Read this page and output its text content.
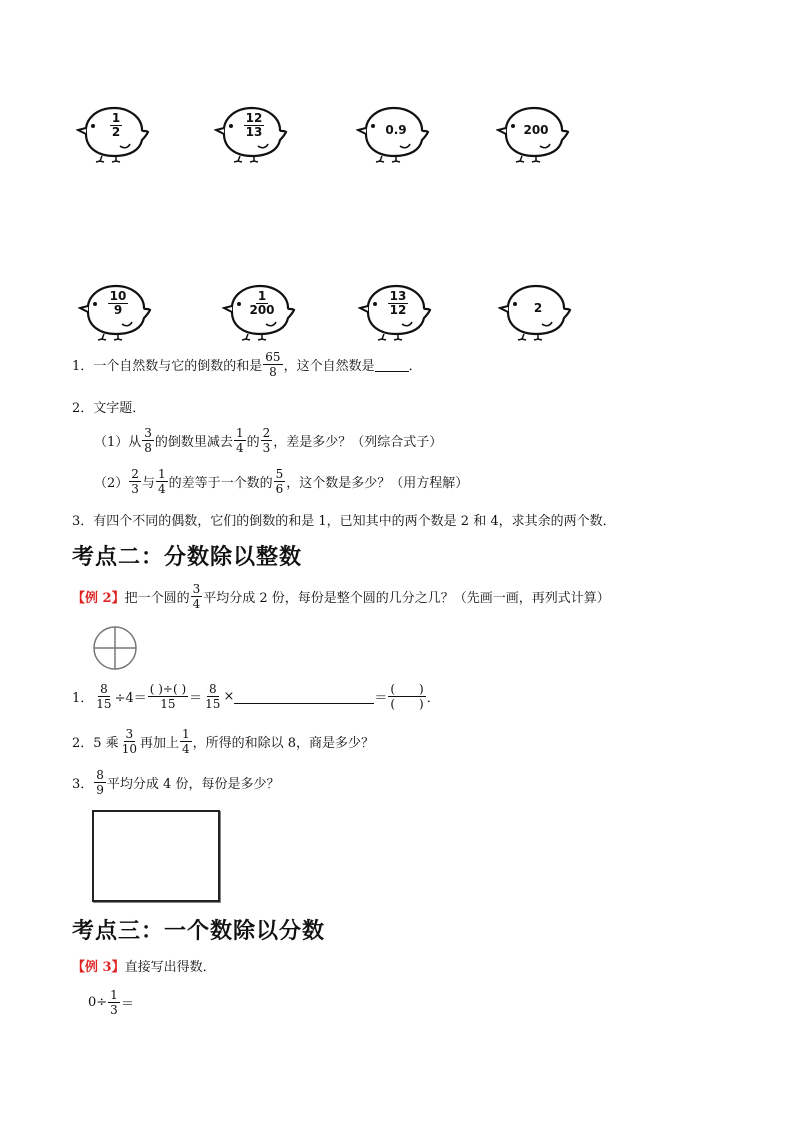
$\frac{1}{2}$	$\frac{12}{13}$	0.9	200
$\frac{10}{9}$	$\frac{1}{200}$	$\frac{13}{12}$	2
1．一个自然数与它的倒数的和是 $\frac{65}{8}$ ，这个自然数是	．
2．文字题．
（1）从 $\frac{3}{8}$ 的倒数里减去 $\frac{1}{4}$ 的 $\frac{2}{3}$ ，差是多少？（列综合式子）
$(2) \frac{2}{3}$ 与 $\frac{1}{4}$ 的差等于一个数的 $\frac{5}{6}$ ，这个数是多少？（用方程解）
3．有四个不同的偶数，它们的倒数的和是 1，已知其中的两个数是 2 和 4，求其余的两个数．
考点二：分数除以整数
【例 2】 把一个圆的 $\frac{3}{4}$ 平均分成 2 份，每份是整个圆的几分之几？（先画一画，再列式计算）
1． $\frac{8}{15} \div 4= \frac{( )\div( )}{15} = \frac{8}{15}$ ×	＝ $\frac{( )}{( )}$ ．
2．5 乘 $\frac{3}{10}$ 再加上 $\frac{1}{4}$ ，所得的和除以 8，商是多少？
3． $\frac{8}{9}$ 平均分成 4 份，每份是多少？
考点三：一个数除以分数
【例 3】 直接写出得数．
$0\div \frac{1}{3}$ ＝
